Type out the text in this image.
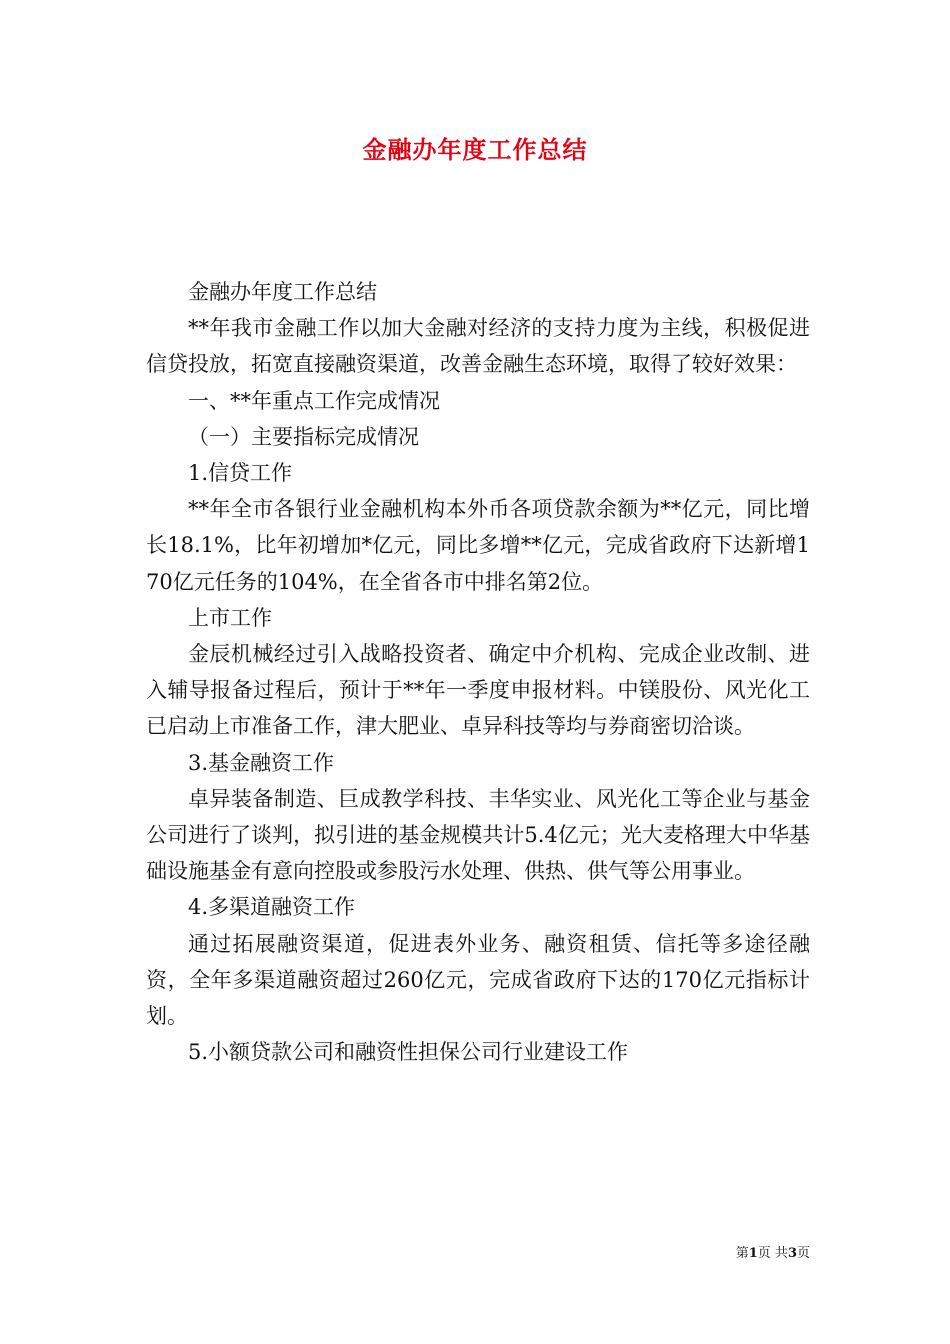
金融办年度工作总结

金融办年度工作总结

**年我市金融工作以加大金融对经济的支持力度为主线，积极促进信贷投放，拓宽直接融资渠道，改善金融生态环境，取得了较好效果：

一、**年重点工作完成情况

（一）主要指标完成情况

1.信贷工作

**年全市各银行业金融机构本外币各项贷款余额为**亿元，同比增长18.1%，比年初增加*亿元，同比多增**亿元，完成省政府下达新增170亿元任务的104%，在全省各市中排名第2位。

上市工作

金辰机械经过引入战略投资者、确定中介机构、完成企业改制、进入辅导报备过程后，预计于**年一季度申报材料。中镁股份、风光化工已启动上市准备工作，津大肥业、卓异科技等均与券商密切洽谈。

3.基金融资工作

卓异装备制造、巨成教学科技、丰华实业、风光化工等企业与基金公司进行了谈判，拟引进的基金规模共计5.4亿元；光大麦格理大中华基础设施基金有意向控股或参股污水处理、供热、供气等公用事业。

4.多渠道融资工作

通过拓展融资渠道，促进表外业务、融资租赁、信托等多途径融资，全年多渠道融资超过260亿元，完成省政府下达的170亿元指标计划。

5.小额贷款公司和融资性担保公司行业建设工作

第1页 共3页
